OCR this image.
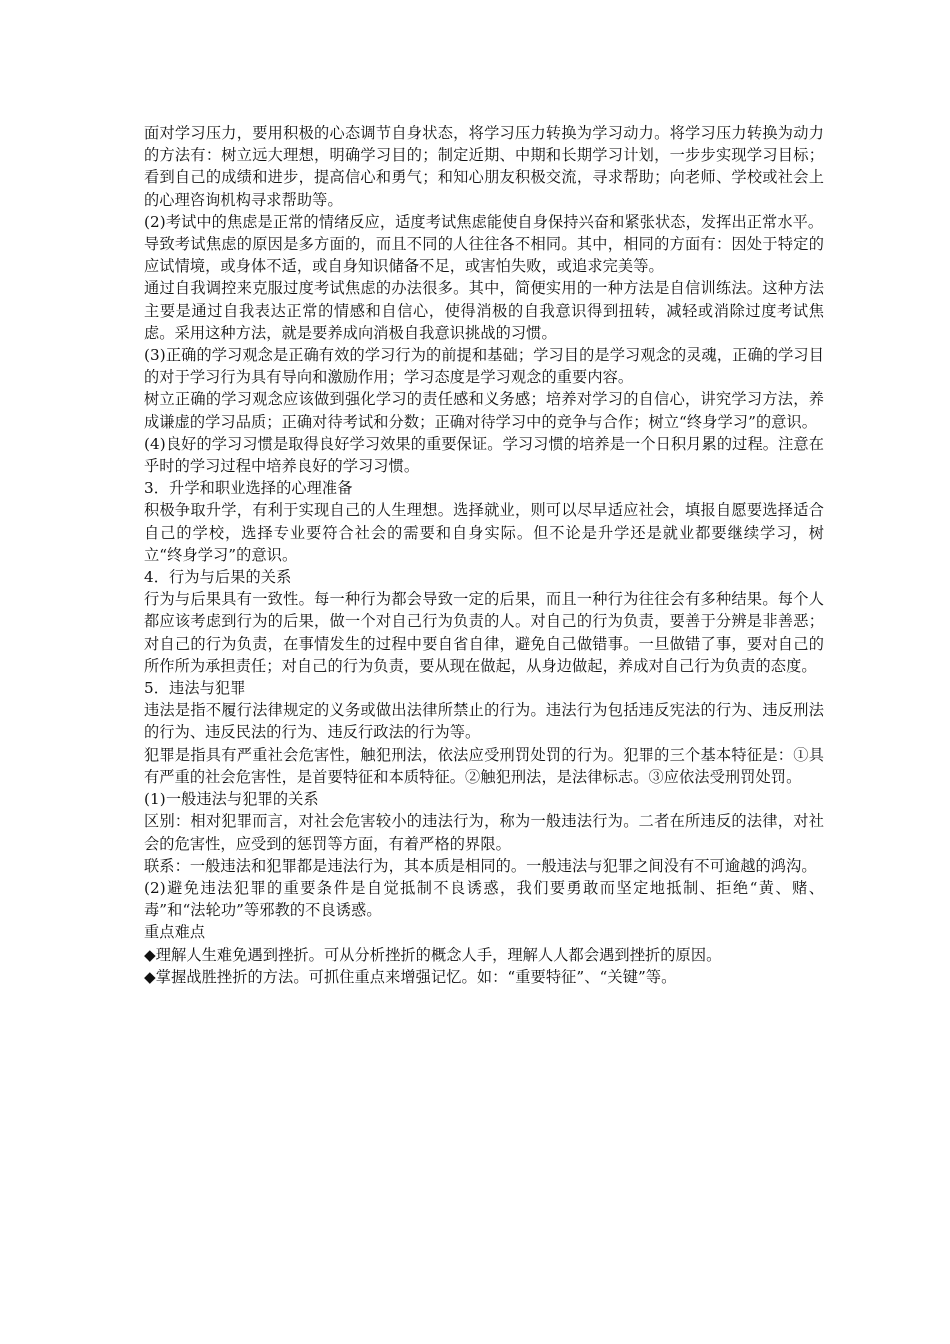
面对学习压力，要用积极的心态调节自身状态，将学习压力转换为学习动力。将学习压力转换为动力的方法有：树立远大理想，明确学习目的；制定近期、中期和长期学习计划，一步步实现学习目标；看到自己的成绩和进步，提高信心和勇气；和知心朋友积极交流，寻求帮助；向老师、学校或社会上的心理咨询机构寻求帮助等。

(2)考试中的焦虑是正常的情绪反应，适度考试焦虑能使自身保持兴奋和紧张状态，发挥出正常水平。

导致考试焦虑的原因是多方面的，而且不同的人往往各不相同。其中，相同的方面有：因处于特定的应试情境，或身体不适，或自身知识储备不足，或害怕失败，或追求完美等。

通过自我调控来克服过度考试焦虑的办法很多。其中，简便实用的一种方法是自信训练法。这种方法主要是通过自我表达正常的情感和自信心，使得消极的自我意识得到扭转，减轻或消除过度考试焦虑。采用这种方法，就是要养成向消极自我意识挑战的习惯。

(3)正确的学习观念是正确有效的学习行为的前提和基础；学习目的是学习观念的灵魂，正确的学习目的对于学习行为具有导向和激励作用；学习态度是学习观念的重要内容。

树立正确的学习观念应该做到强化学习的责任感和义务感；培养对学习的自信心，讲究学习方法，养成谦虚的学习品质；正确对待考试和分数；正确对待学习中的竞争与合作；树立“终身学习”的意识。

(4)良好的学习习惯是取得良好学习效果的重要保证。学习习惯的培养是一个日积月累的过程。注意在乎时的学习过程中培养良好的学习习惯。

3．升学和职业选择的心理准备

积极争取升学，有利于实现自己的人生理想。选择就业，则可以尽早适应社会，填报自愿要选择适合自己的学校，选择专业要符合社会的需要和自身实际。但不论是升学还是就业都要继续学习，树立“终身学习”的意识。

4．行为与后果的关系

行为与后果具有一致性。每一种行为都会导致一定的后果，而且一种行为往往会有多种结果。每个人都应该考虑到行为的后果，做一个对自己行为负责的人。对自己的行为负责，要善于分辨是非善恶；对自己的行为负责，在事情发生的过程中要自省自律，避免自己做错事。一旦做错了事，要对自己的所作所为承担责任；对自己的行为负责，要从现在做起，从身边做起，养成对自己行为负责的态度。

5．违法与犯罪

违法是指不履行法律规定的义务或做出法律所禁止的行为。违法行为包括违反宪法的行为、违反刑法的行为、违反民法的行为、违反行政法的行为等。

犯罪是指具有严重社会危害性，触犯刑法，依法应受刑罚处罚的行为。犯罪的三个基本特征是：①具有严重的社会危害性，是首要特征和本质特征。②触犯刑法，是法律标志。③应依法受刑罚处罚。

(1)一般违法与犯罪的关系

区别：相对犯罪而言，对社会危害较小的违法行为，称为一般违法行为。二者在所违反的法律，对社会的危害性，应受到的惩罚等方面，有着严格的界限。

联系：一般违法和犯罪都是违法行为，其本质是相同的。一般违法与犯罪之间没有不可逾越的鸿沟。

(2)避免违法犯罪的重要条件是自觉抵制不良诱惑，我们要勇敢而坚定地抵制、拒绝“黄、赌、毒”和“法轮功”等邪教的不良诱惑。

重点难点

◆理解人生难免遇到挫折。可从分析挫折的概念人手，理解人人都会遇到挫折的原因。

◆掌握战胜挫折的方法。可抓住重点来增强记忆。如：“重要特征”、“关键”等。
